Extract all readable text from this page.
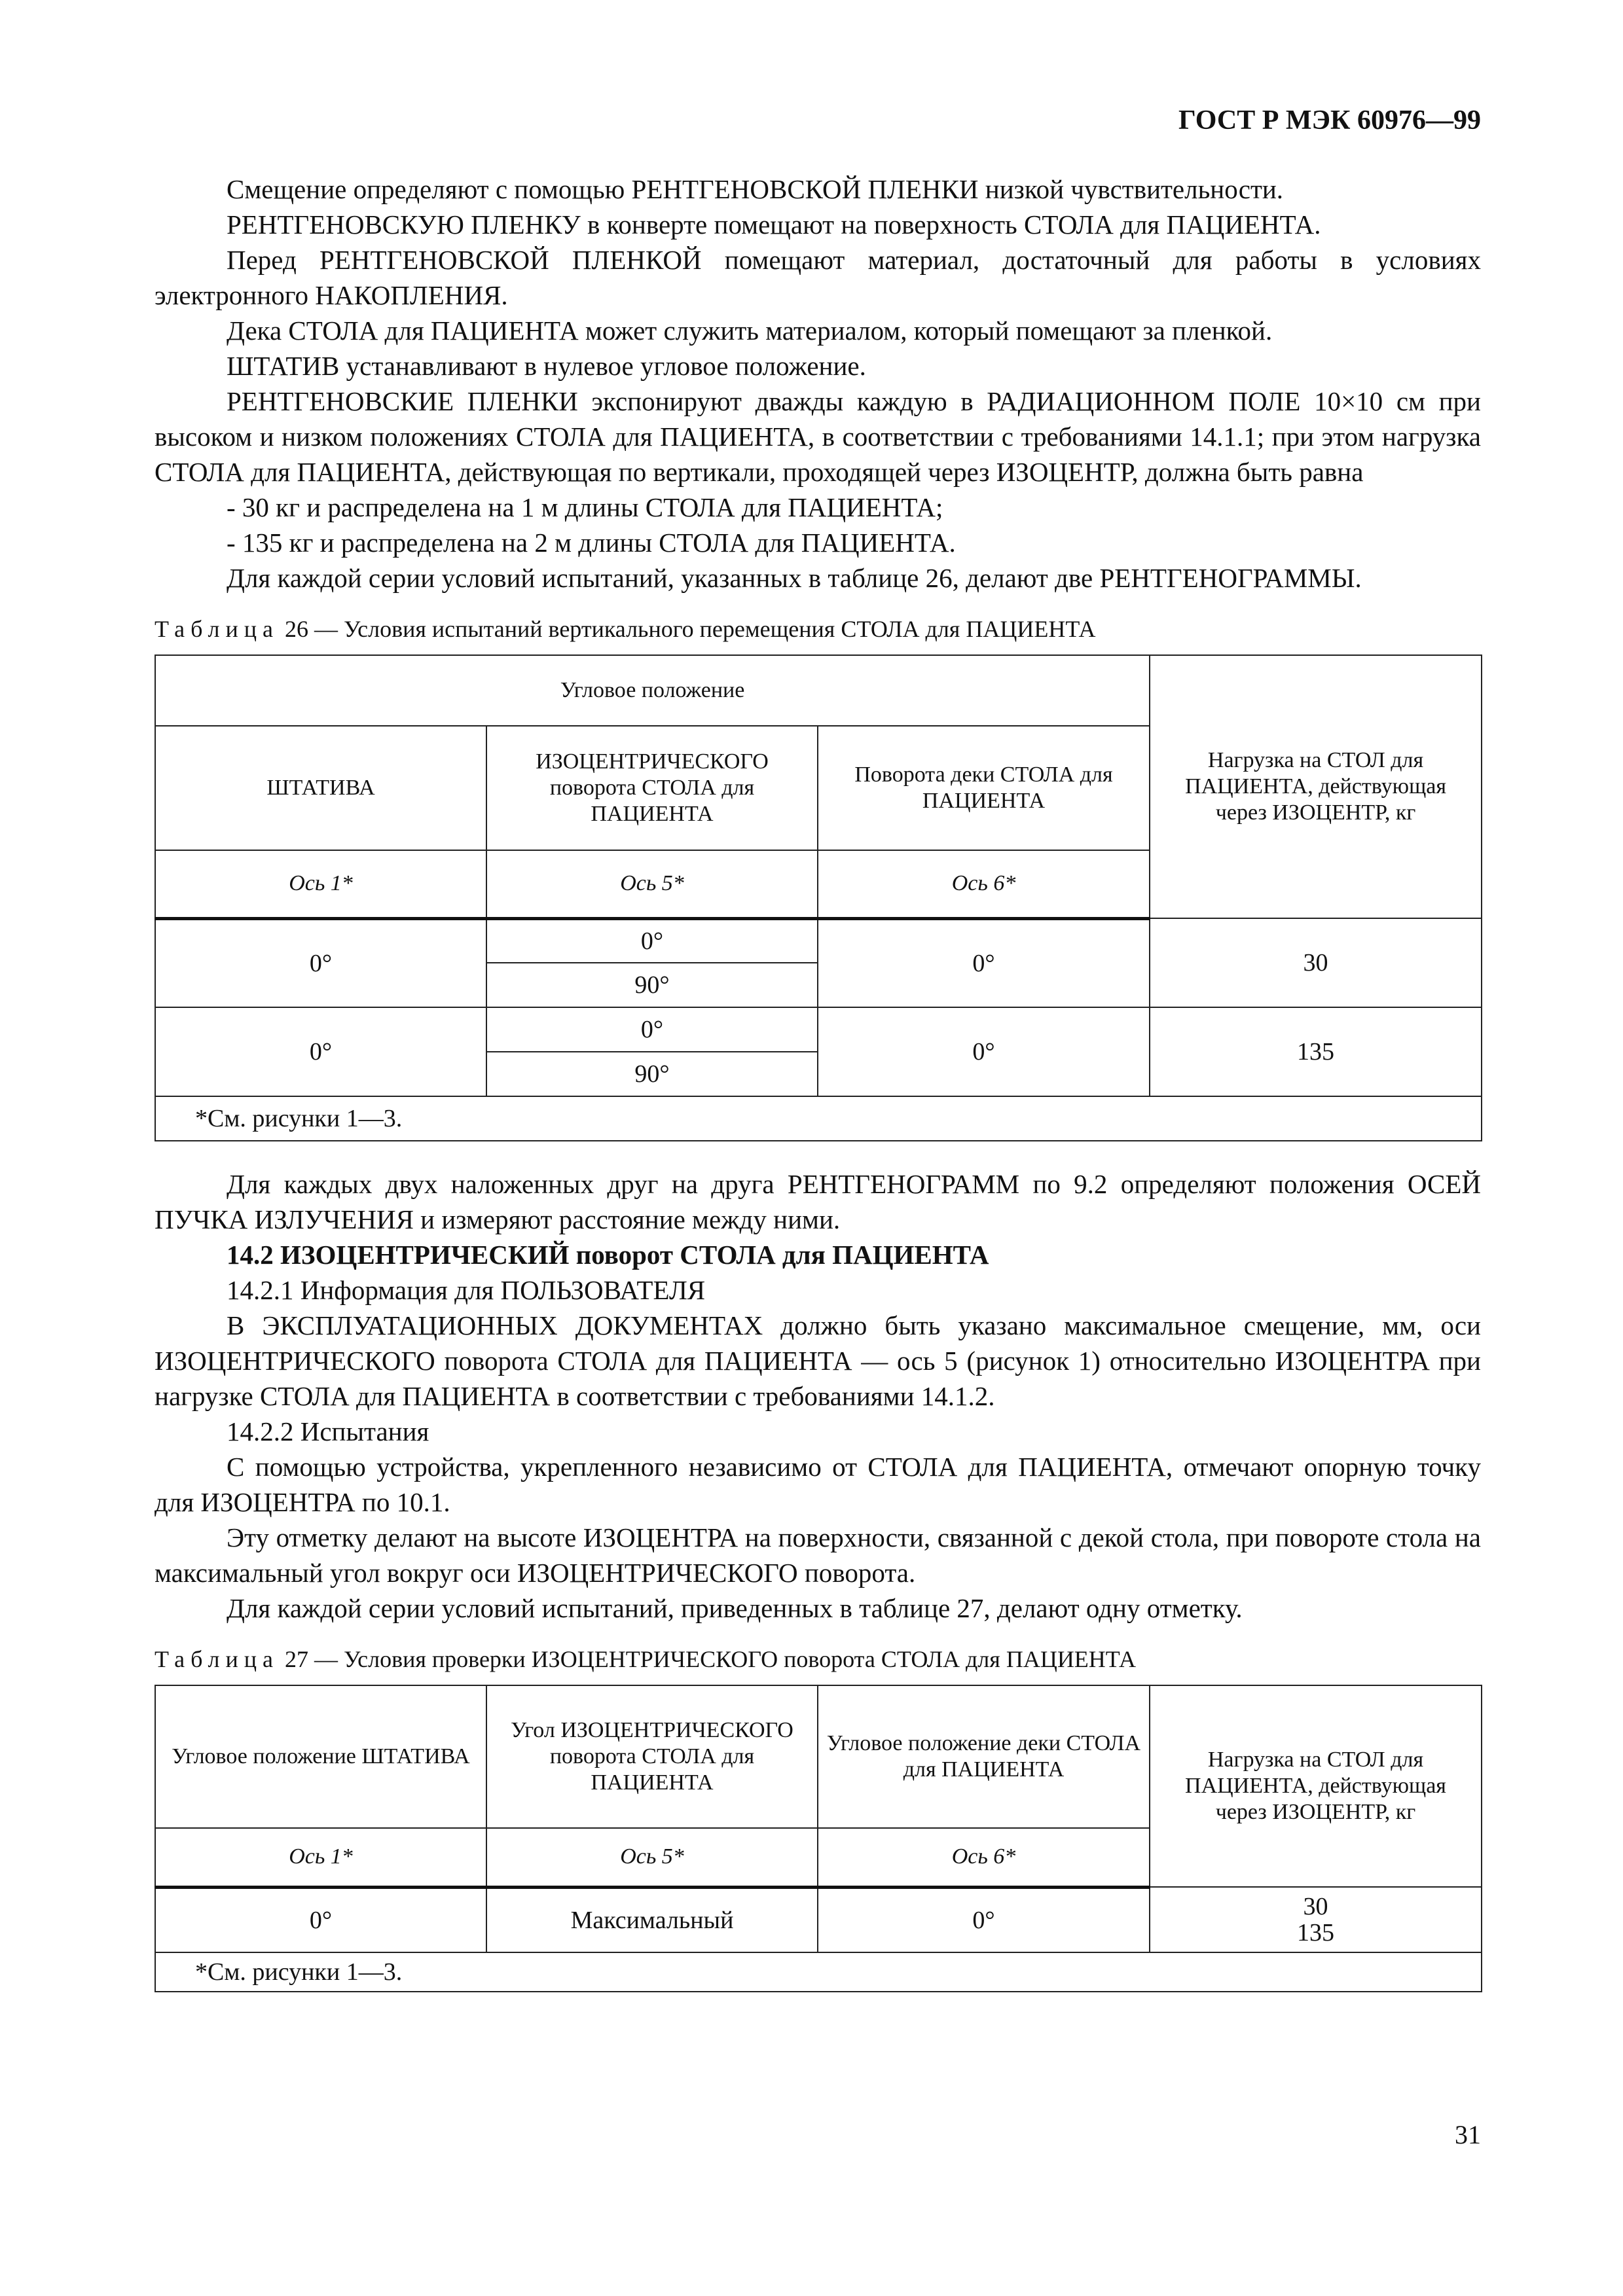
ГОСТ Р МЭК 60976—99

Смещение определяют с помощью РЕНТГЕНОВСКОЙ ПЛЕНКИ низкой чувствительности.

РЕНТГЕНОВСКУЮ ПЛЕНКУ в конверте помещают на поверхность СТОЛА для ПАЦИЕНТА.

Перед РЕНТГЕНОВСКОЙ ПЛЕНКОЙ помещают материал, достаточный для работы в условиях электронного НАКОПЛЕНИЯ.

Дека СТОЛА для ПАЦИЕНТА может служить материалом, который помещают за пленкой.

ШТАТИВ устанавливают в нулевое угловое положение.

РЕНТГЕНОВСКИЕ ПЛЕНКИ экспонируют дважды каждую в РАДИАЦИОННОМ ПОЛЕ 10×10 см при высоком и низком положениях СТОЛА для ПАЦИЕНТА, в соответствии с требованиями 14.1.1; при этом нагрузка СТОЛА для ПАЦИЕНТА, действующая по вертикали, проходящей через ИЗОЦЕНТР, должна быть равна

- 30 кг и распределена на 1 м длины СТОЛА для ПАЦИЕНТА;

- 135 кг и распределена на 2 м длины СТОЛА для ПАЦИЕНТА.

Для каждой серии условий испытаний, указанных в таблице 26, делают две РЕНТГЕНОГРАММЫ.

Таблица 26 — Условия испытаний вертикального перемещения СТОЛА для ПАЦИЕНТА
Угловое положение			Нагрузка на СТОЛ для ПАЦИЕНТА, действующая через ИЗОЦЕНТР, кг
ШТАТИВА	ИЗОЦЕНТРИЧЕСКОГО поворота СТОЛА для ПАЦИЕНТА	Поворота деки СТОЛА для ПАЦИЕНТА	
Ось 1*	Ось 5*	Ось 6*	
0°	0°	0°	30
	90°		
0°	0°	0°	135
	90°		
*См. рисунки 1—3.			

Для каждых двух наложенных друг на друга РЕНТГЕНОГРАММ по 9.2 определяют положения ОСЕЙ ПУЧКА ИЗЛУЧЕНИЯ и измеряют расстояние между ними.

14.2 ИЗОЦЕНТРИЧЕСКИЙ поворот СТОЛА для ПАЦИЕНТА

14.2.1 Информация для ПОЛЬЗОВАТЕЛЯ

В ЭКСПЛУАТАЦИОННЫХ ДОКУМЕНТАХ должно быть указано максимальное смещение, мм, оси ИЗОЦЕНТРИЧЕСКОГО поворота СТОЛА для ПАЦИЕНТА — ось 5 (рисунок 1) относительно ИЗОЦЕНТРА при нагрузке СТОЛА для ПАЦИЕНТА в соответствии с требованиями 14.1.2.

14.2.2 Испытания

С помощью устройства, укрепленного независимо от СТОЛА для ПАЦИЕНТА, отмечают опорную точку для ИЗОЦЕНТРА по 10.1.

Эту отметку делают на высоте ИЗОЦЕНТРА на поверхности, связанной с декой стола, при повороте стола на максимальный угол вокруг оси ИЗОЦЕНТРИЧЕСКОГО поворота.

Для каждой серии условий испытаний, приведенных в таблице 27, делают одну отметку.

Таблица 27 — Условия проверки ИЗОЦЕНТРИЧЕСКОГО поворота СТОЛА для ПАЦИЕНТА
Угловое положение ШТАТИВА	Угол ИЗОЦЕНТРИЧЕСКОГО поворота СТОЛА для ПАЦИЕНТА	Угловое положение деки СТОЛА для ПАЦИЕНТА	Нагрузка на СТОЛ для ПАЦИЕНТА, действующая через ИЗОЦЕНТР, кг
Ось 1*	Ось 5*	Ось 6*	
0°	Максимальный	0°	30
135

*См. рисунки 1—3.			
31
